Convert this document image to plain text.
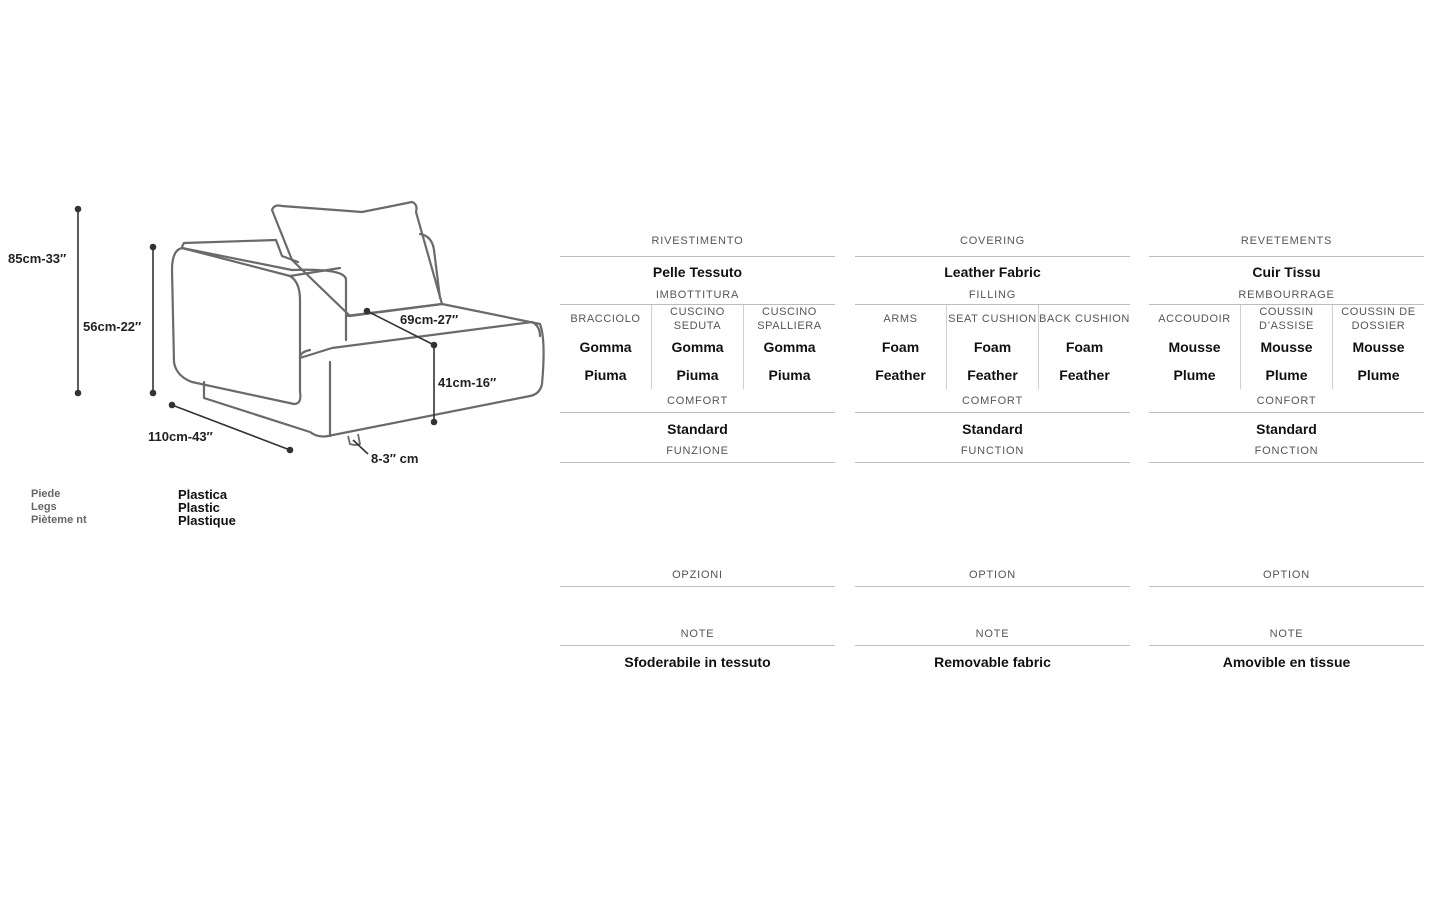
85cm-33″
56cm-22″	69cm-27″
41cm-16″
110cm-43″
8-3″ cm
Piede
Legs
Pièteme nt
Plastica
Plastic
Plastique
RIVESTIMENTO
Pelle Tessuto
IMBOTTITURA
BRACCIOLO
Gomma
Piuma
CUSCINO SEDUTA
Gomma
Piuma
CUSCINO SPALLIERA
Gomma
Piuma
COMFORT
Standard
FUNZIONE
OPZIONI
NOTE
Sfoderabile in tessuto
COVERING
Leather Fabric
FILLING
ARMS
Foam
Feather
SEAT CUSHION
Foam
Feather
BACK CUSHION
Foam
Feather
COMFORT
Standard
FUNCTION
OPTION
NOTE
Removable fabric
REVETEMENTS
Cuir Tissu
REMBOURRAGE
ACCOUDOIR
Mousse
Plume
COUSSIN D’ASSISE
Mousse
Plume
COUSSIN DE DOSSIER
Mousse
Plume
CONFORT
Standard
FONCTION
OPTION
NOTE
Amovible en tissue
